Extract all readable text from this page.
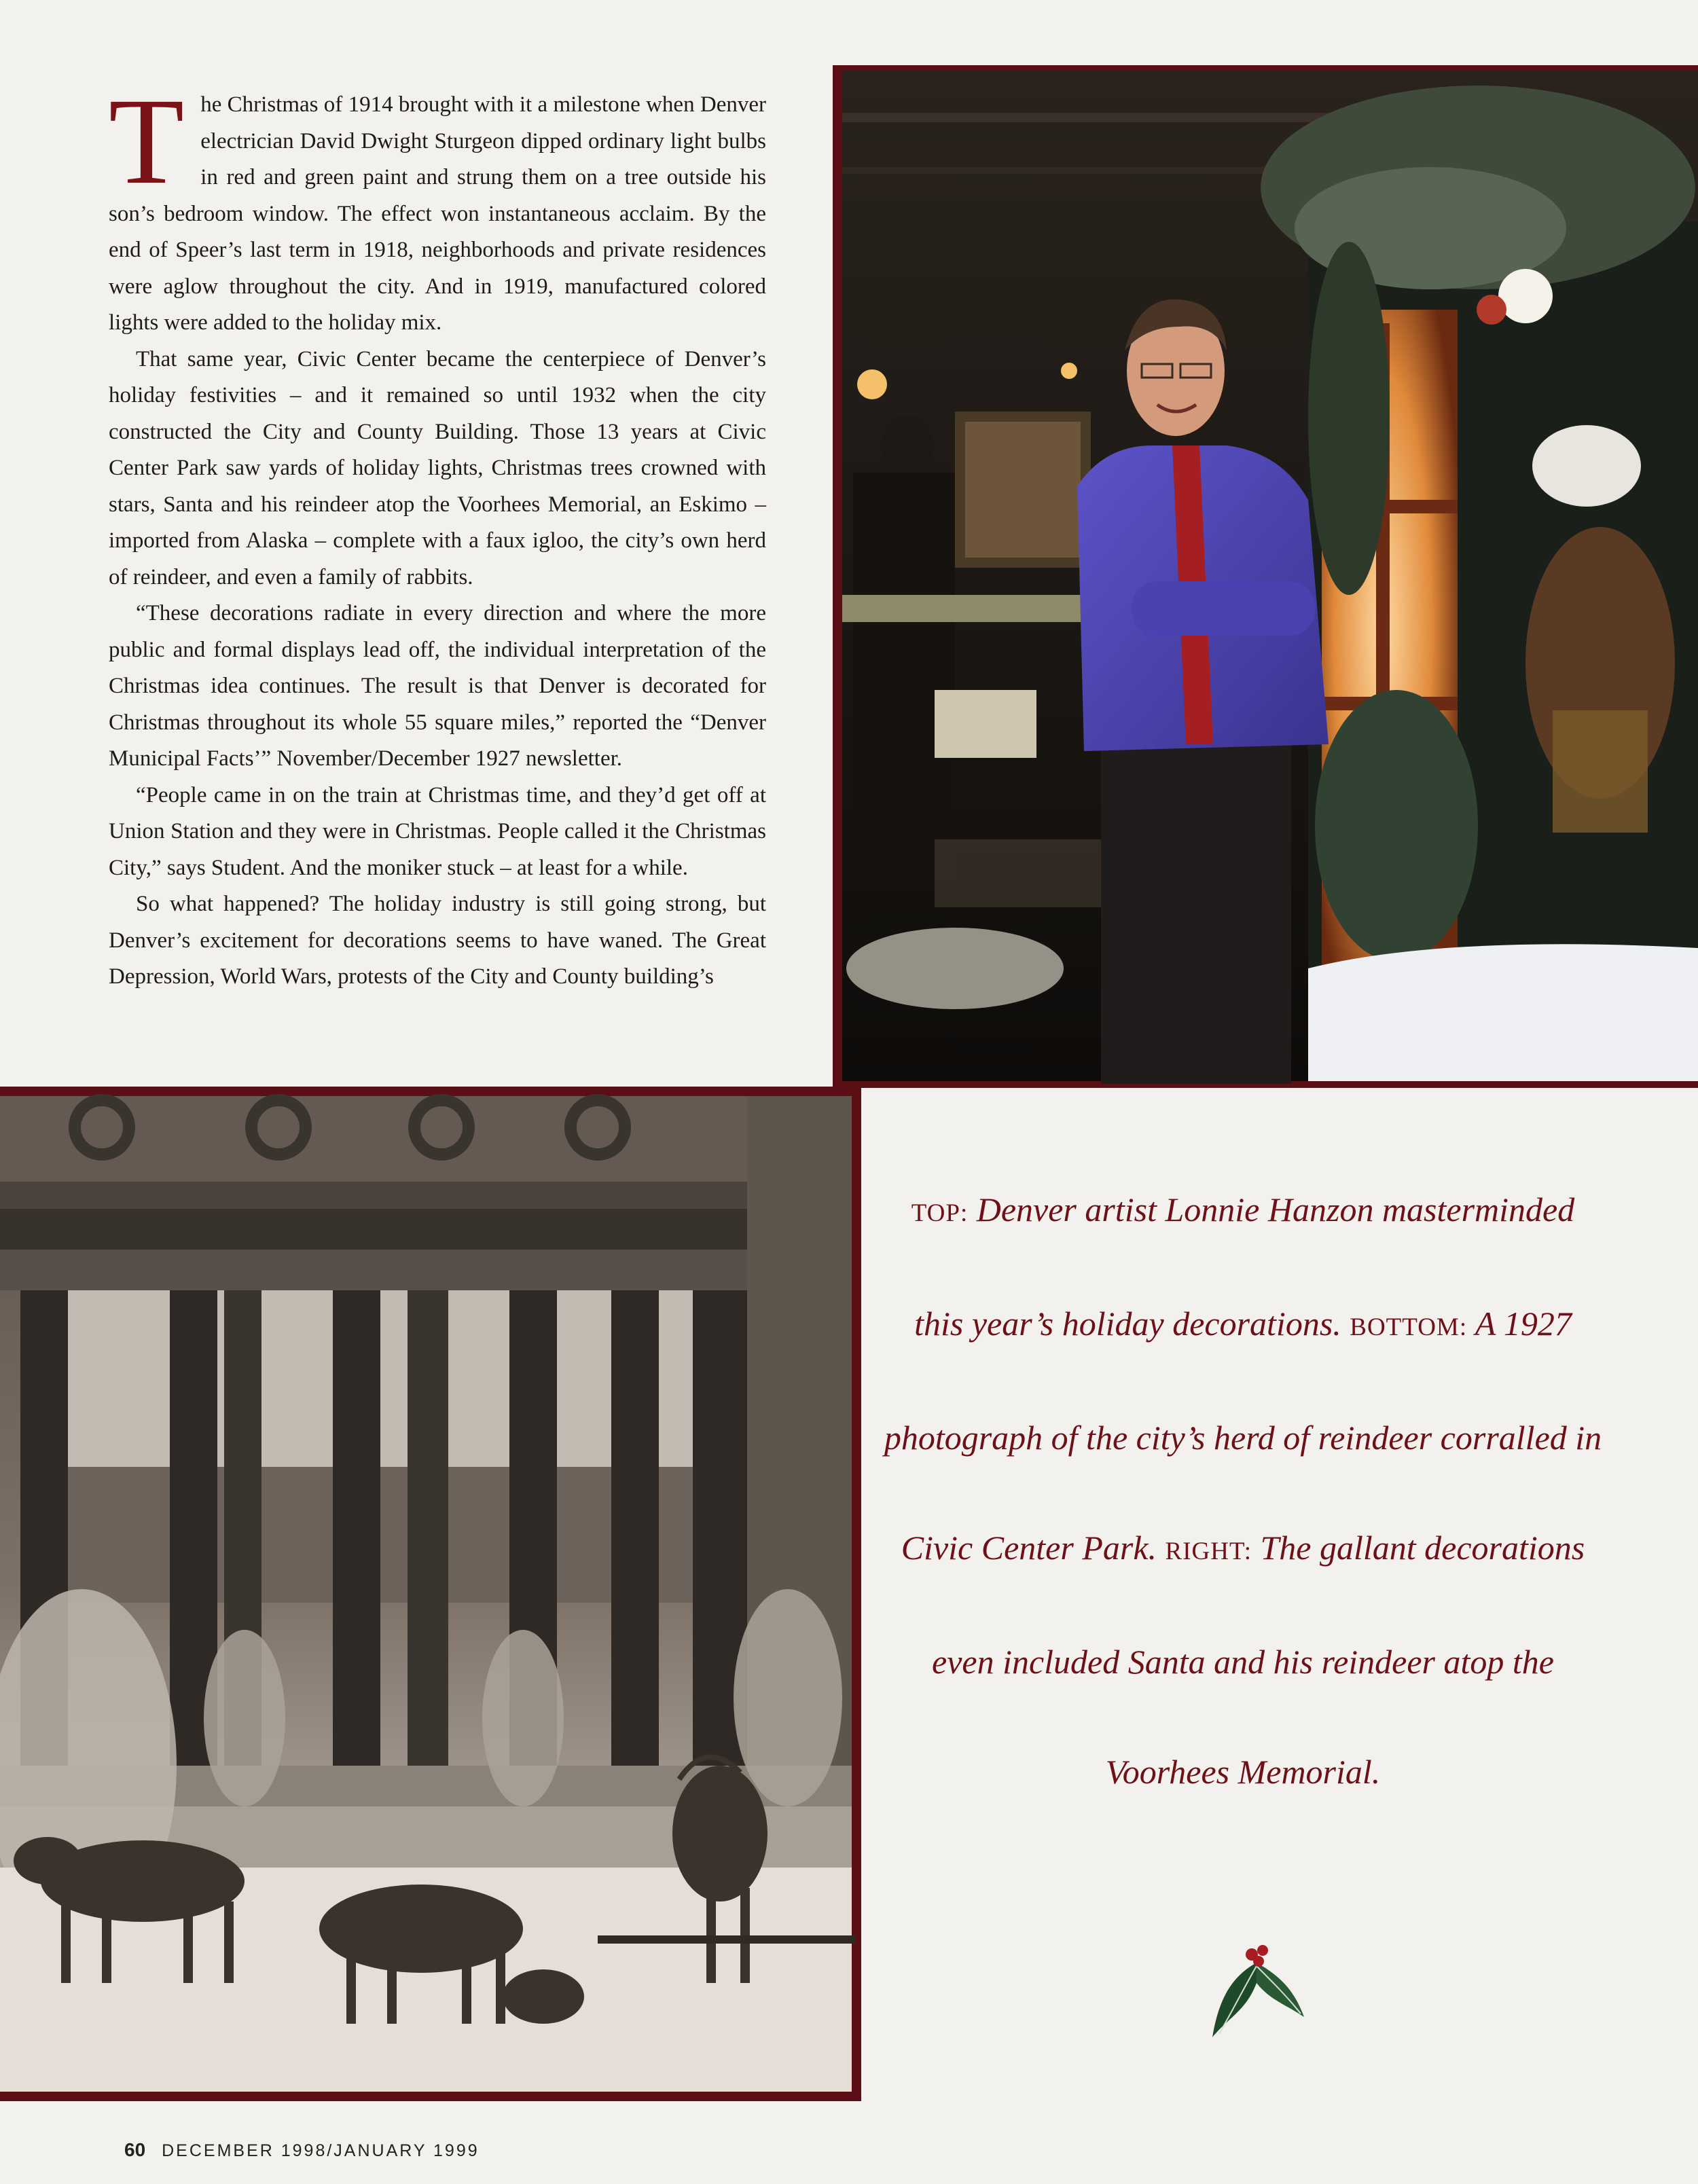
The Christmas of 1914 brought with it a milestone when Denver electrician David Dwight Sturgeon dipped ordinary light bulbs in red and green paint and strung them on a tree outside his son’s bedroom window. The effect won instantaneous acclaim. By the end of Speer’s last term in 1918, neighborhoods and private residences were aglow throughout the city. And in 1919, manufactured colored lights were added to the holiday mix.

That same year, Civic Center became the centerpiece of Denver’s holiday festivities – and it remained so until 1932 when the city constructed the City and County Building. Those 13 years at Civic Center Park saw yards of holiday lights, Christmas trees crowned with stars, Santa and his reindeer atop the Voorhees Memorial, an Eskimo – imported from Alaska – complete with a faux igloo, the city’s own herd of reindeer, and even a family of rabbits.

“These decorations radiate in every direction and where the more public and formal displays lead off, the individual interpretation of the Christmas idea continues. The result is that Denver is decorated for Christmas throughout its whole 55 square miles,” reported the “Denver Municipal Facts’” November/December 1927 newsletter.

“People came in on the train at Christmas time, and they’d get off at Union Station and they were in Christmas. People called it the Christmas City,” says Student. And the moniker stuck – at least for a while.

So what happened? The holiday industry is still going strong, but Denver’s excitement for decorations seems to have waned. The Great Depression, World Wars, protests of the City and County building’s

TOP: Denver artist Lonnie Hanzon masterminded this year’s holiday decorations. BOTTOM: A 1927 photograph of the city’s herd of reindeer corralled in Civic Center Park. RIGHT: The gallant decorations even included Santa and his reindeer atop the Voorhees Memorial.
60 DECEMBER 1998/JANUARY 1999
